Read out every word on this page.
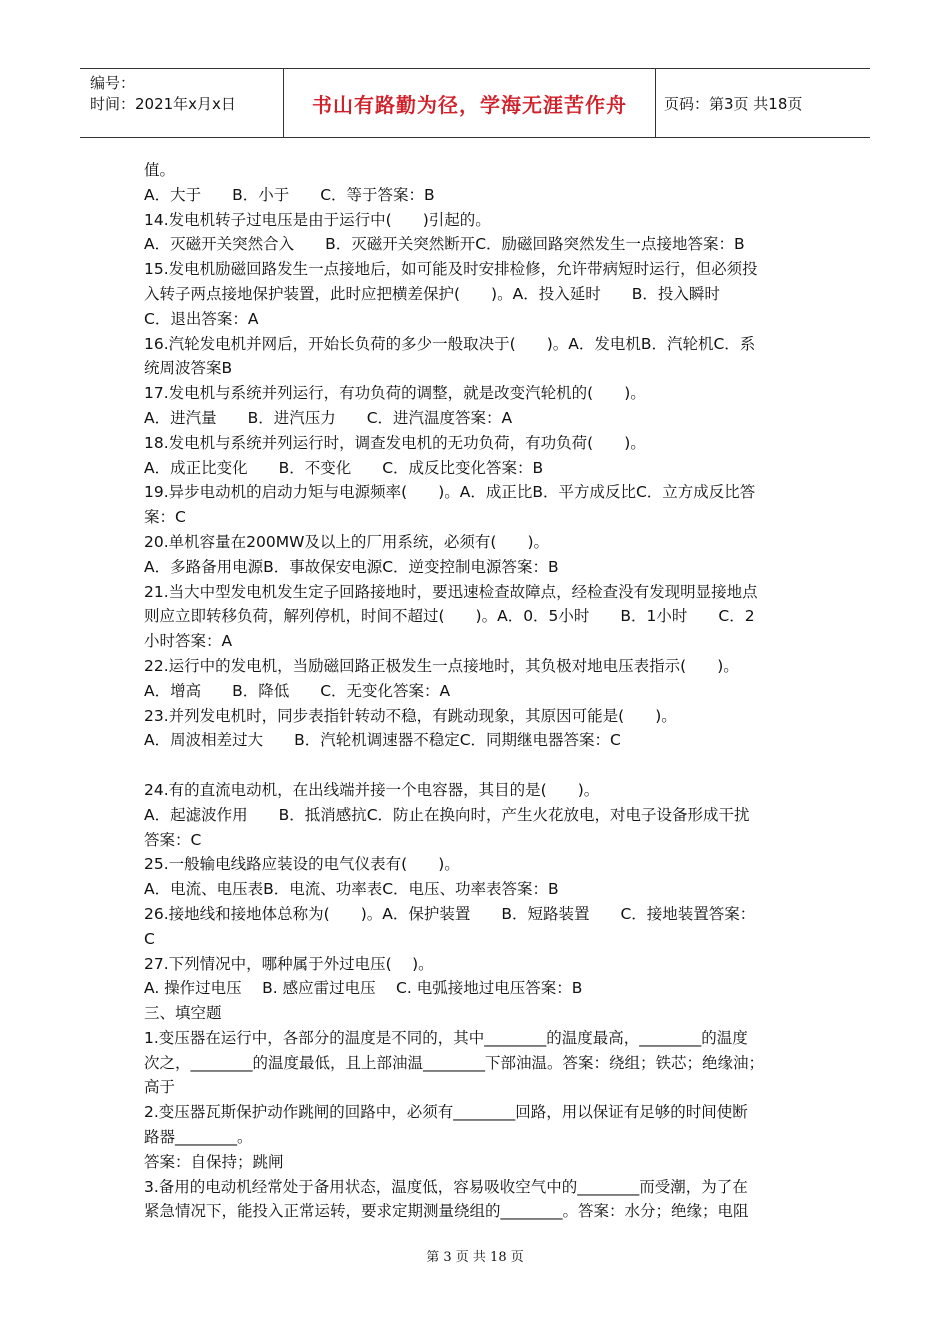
编号：
时间：2021年x月x日	书山有路勤为径，学海无涯苦作舟	页码：第3页 共18页
值。
A．大于　　B．小于　　C．等于答案：B
14.发电机转子过电压是由于运行中(　　)引起的。
A．灭磁开关突然合入　　B．灭磁开关突然断开C．励磁回路突然发生一点接地答案：B
15.发电机励磁回路发生一点接地后，如可能及时安排检修，允许带病短时运行，但必须投
入转子两点接地保护装置，此时应把横差保护(　　)。A．投入延时　　B．投入瞬时
C．退出答案：A
16.汽轮发电机并网后，开始长负荷的多少一般取决于(　　)。A．发电机B．汽轮机C．系
统周波答案B
17.发电机与系统并列运行，有功负荷的调整，就是改变汽轮机的(　　)。
A．进汽量　　B．进汽压力　　C．进汽温度答案：A
18.发电机与系统并列运行时，调查发电机的无功负荷，有功负荷(　　)。
A．成正比变化　　B．不变化　　C．成反比变化答案：B
19.异步电动机的启动力矩与电源频率(　　)。A．成正比B．平方成反比C．立方成反比答
案：C
20.单机容量在200MW及以上的厂用系统，必须有(　　)。
A．多路备用电源B．事故保安电源C．逆变控制电源答案：B
21.当大中型发电机发生定子回路接地时，要迅速检查故障点，经检查没有发现明显接地点
则应立即转移负荷，解列停机，时间不超过(　　)。A．0．5小时　　B．1小时　　C．2
小时答案：A
22.运行中的发电机，当励磁回路正极发生一点接地时，其负极对地电压表指示(　　)。
A．增高　　B．降低　　C．无变化答案：A
23.并列发电机时，同步表指针转动不稳，有跳动现象，其原因可能是(　　)。
A．周波相差过大　　B．汽轮机调速器不稳定C．同期继电器答案：C
24.有的直流电动机，在出线端并接一个电容器，其目的是(　　)。
A．起滤波作用　　B．抵消感抗C．防止在换向时，产生火花放电，对电子设备形成干扰
答案：C
25.一般输电线路应装设的电气仪表有(　　)。
A．电流、电压表B．电流、功率表C．电压、功率表答案：B
26.接地线和接地体总称为(　　)。A．保护装置　　B．短路装置　　C．接地装置答案：
C
27.下列情况中，哪种属于外过电压(　 )。
A. 操作过电压　 B. 感应雷过电压　 C. 电弧接地过电压答案：B
三、填空题
1.变压器在运行中，各部分的温度是不同的，其中________的温度最高，________的温度
次之，________的温度最低，且上部油温________下部油温。答案：绕组；铁芯；绝缘油；
高于
2.变压器瓦斯保护动作跳闸的回路中，必须有________回路，用以保证有足够的时间使断
路器________。
答案：自保持；跳闸
3.备用的电动机经常处于备用状态，温度低，容易吸收空气中的________而受潮，为了在
紧急情况下，能投入正常运转，要求定期测量绕组的________。答案：水分；绝缘；电阻
第 3 页 共 18 页
